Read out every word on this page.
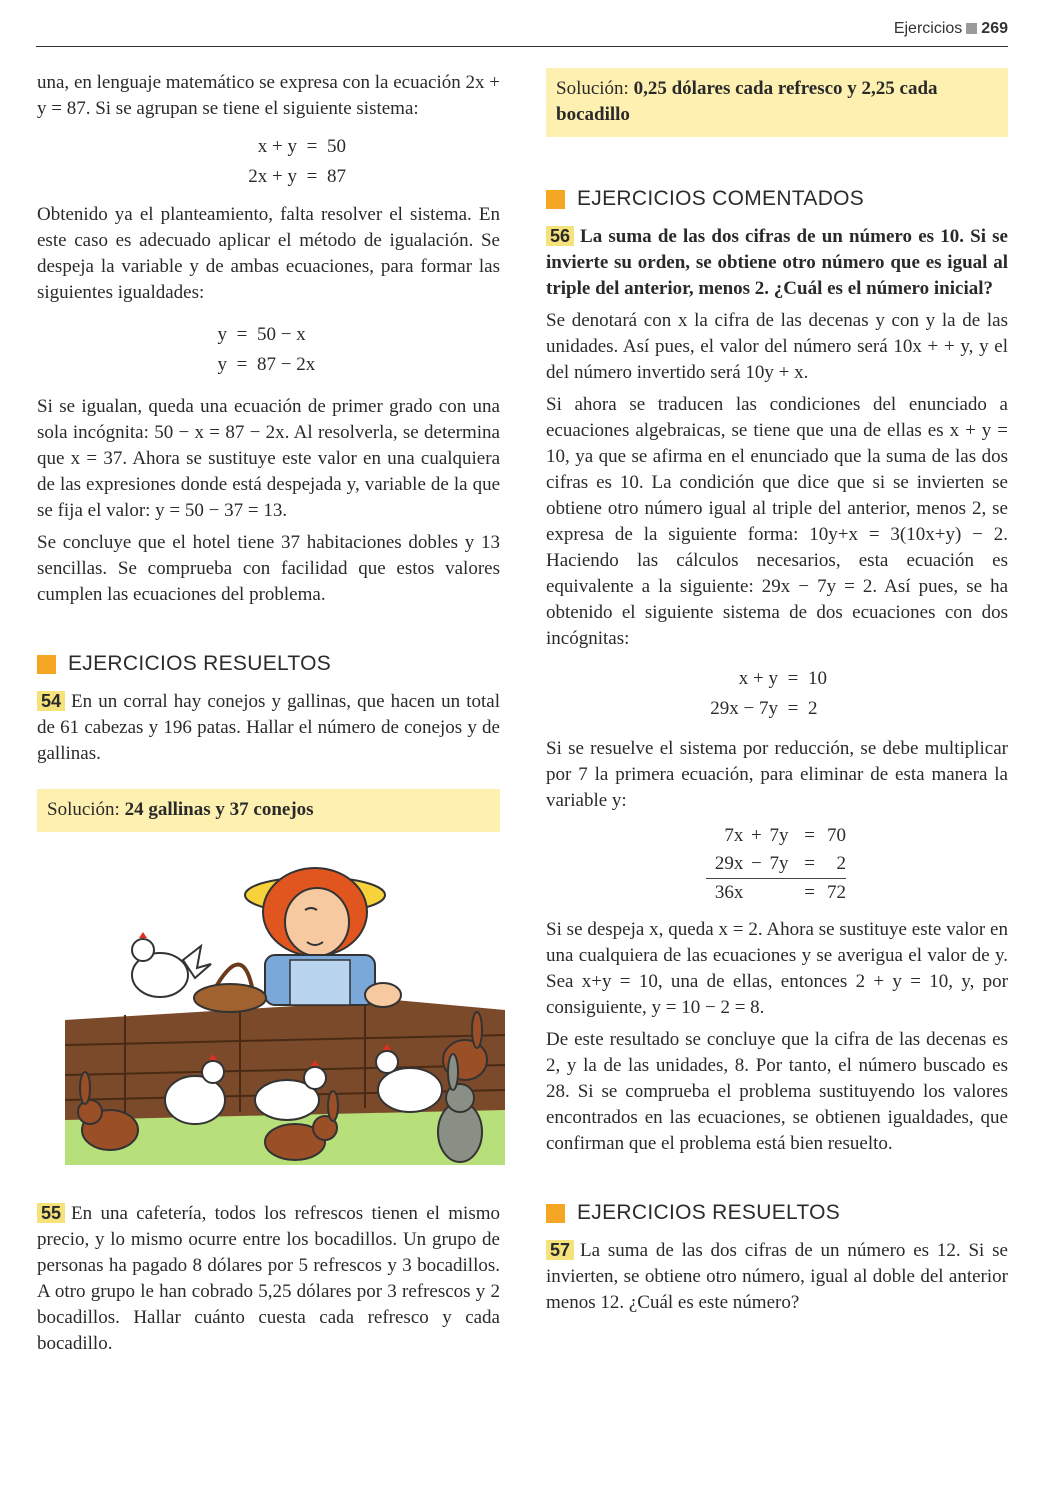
Ejercicios 269

una, en lenguaje matemático se expresa con la ecuación 2x + y = 87. Si se agrupan se tiene el siguiente sistema:

x + y = 50
2x + y = 87

Obtenido ya el planteamiento, falta resolver el sistema. En este caso es adecuado aplicar el método de igualación. Se despeja la variable y de ambas ecuaciones, para formar las siguientes igualdades:

y = 50 − x
y = 87 − 2x

Si se igualan, queda una ecuación de primer grado con una sola incógnita: 50 − x = 87 − 2x. Al resolverla, se determina que x = 37. Ahora se sustituye este valor en una cualquiera de las expresiones donde está despejada y, variable de la que se fija el valor: y = 50 − 37 = 13.

Se concluye que el hotel tiene 37 habitaciones dobles y 13 sencillas. Se comprueba con facilidad que estos valores cumplen las ecuaciones del problema.

EJERCICIOS RESUELTOS

54 En un corral hay conejos y gallinas, que hacen un total de 61 cabezas y 196 patas. Hallar el número de conejos y de gallinas.

Solución: 24 gallinas y 37 conejos

55 En una cafetería, todos los refrescos tienen el mismo precio, y lo mismo ocurre entre los bocadillos. Un grupo de personas ha pagado 8 dólares por 5 refrescos y 3 bocadillos. A otro grupo le han cobrado 5,25 dólares por 3 refrescos y 2 bocadillos. Hallar cuánto cuesta cada refresco y cada bocadillo.

Solución: 0,25 dólares cada refresco y 2,25 cada bocadillo
EJERCICIOS COMENTADOS

56 La suma de las dos cifras de un número es 10. Si se invierte su orden, se obtiene otro número que es igual al triple del anterior, menos 2. ¿Cuál es el número inicial?

Se denotará con x la cifra de las decenas y con y la de las unidades. Así pues, el valor del número será 10x + + y, y el del número invertido será 10y + x.

Si ahora se traducen las condiciones del enunciado a ecuaciones algebraicas, se tiene que una de ellas es x + y = 10, ya que se afirma en el enunciado que la suma de las dos cifras es 10. La condición que dice que si se invierten se obtiene otro número igual al triple del anterior, menos 2, se expresa de la siguiente forma: 10y+x = 3(10x+y) − 2. Haciendo las cálculos necesarios, esta ecuación es equivalente a la siguiente: 29x − 7y = 2. Así pues, se ha obtenido el siguiente sistema de dos ecuaciones con dos incógnitas:

x + y = 10
29x − 7y = 2

Si se resuelve el sistema por reducción, se debe multiplicar por 7 la primera ecuación, para eliminar de esta manera la variable y:

7x + 7y = 70
29x − 7y =	2
36x	= 72

Si se despeja x, queda x = 2. Ahora se sustituye este valor en una cualquiera de las ecuaciones y se averigua el valor de y. Sea x+y = 10, una de ellas, entonces 2 + y = 10, y, por consiguiente, y = 10 − 2 = 8.

De este resultado se concluye que la cifra de las decenas es 2, y la de las unidades, 8. Por tanto, el número buscado es 28. Si se comprueba el problema sustituyendo los valores encontrados en las ecuaciones, se obtienen igualdades, que confirman que el problema está bien resuelto.

EJERCICIOS RESUELTOS

57 La suma de las dos cifras de un número es 12. Si se invierten, se obtiene otro número, igual al doble del anterior menos 12. ¿Cuál es este número?
